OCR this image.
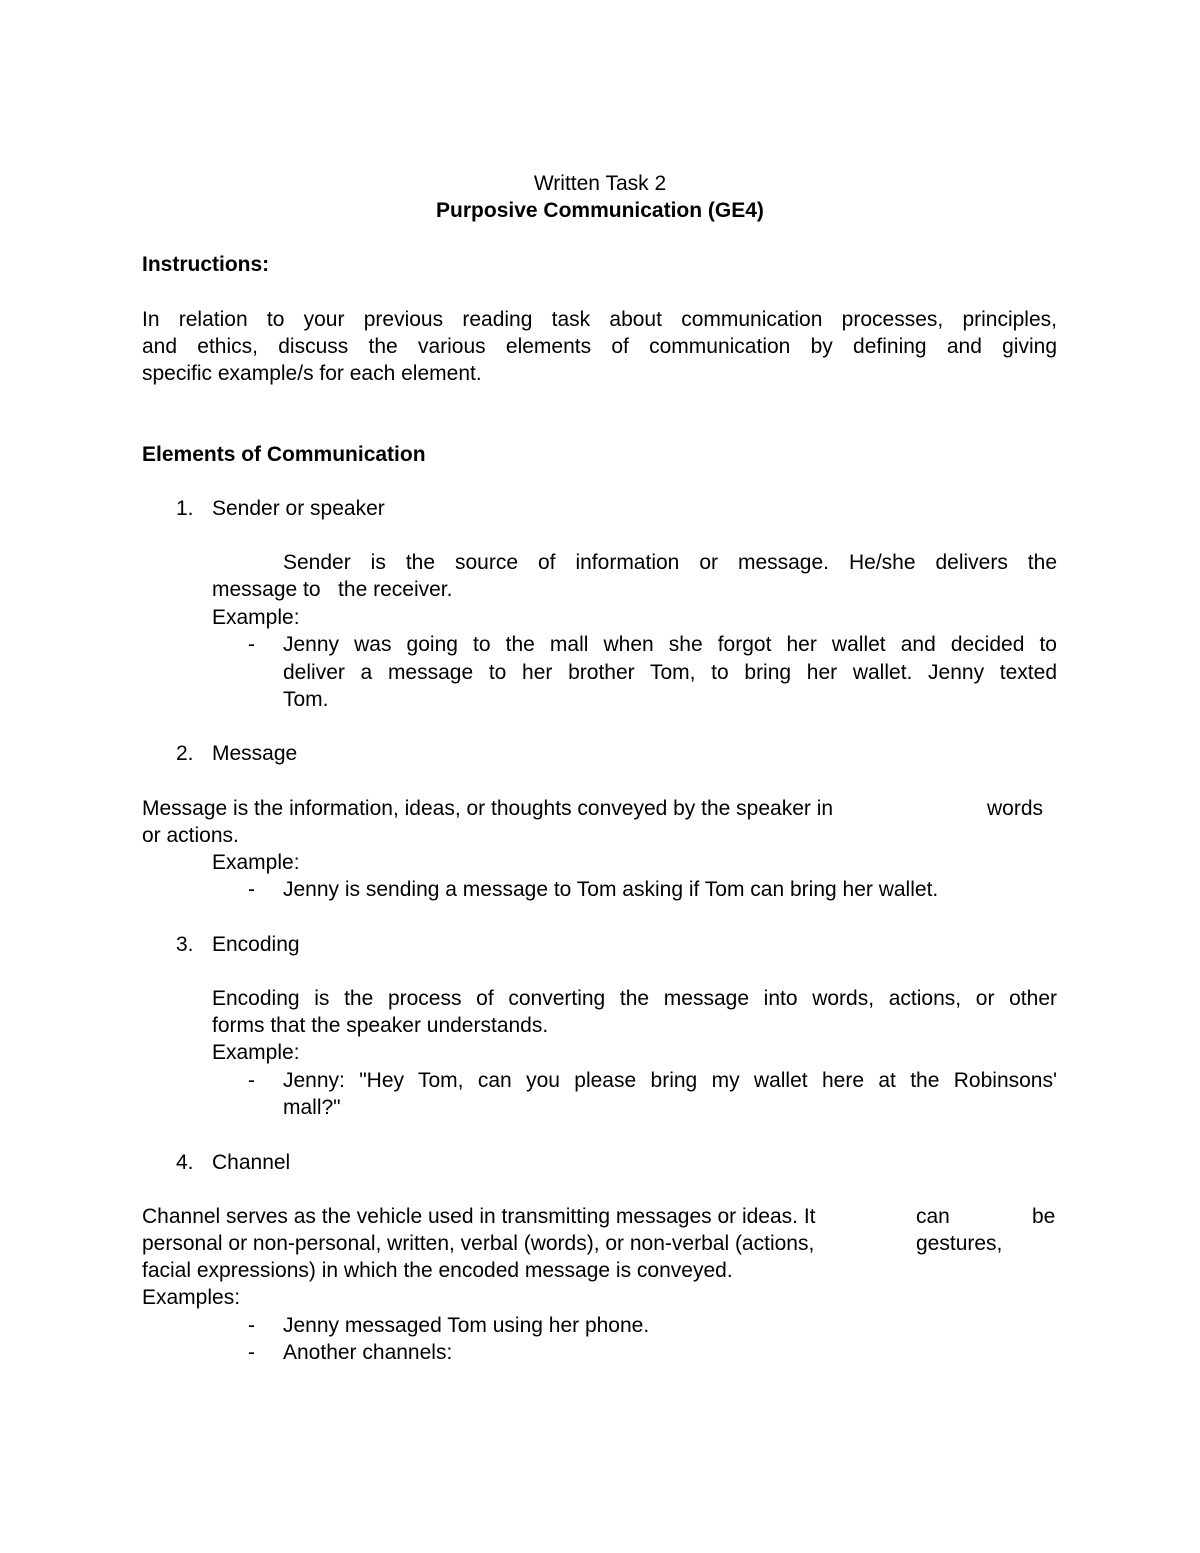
Written Task 2
Purposive Communication (GE4)
Instructions:
In relation to your previous reading task about communication processes, principles,
and ethics, discuss the various elements of communication by defining and giving
specific example/s for each element.
Elements of Communication
1. Sender or speaker
Sender is the source of information or message. He/she delivers the
message to   the receiver.
Example:
- Jenny was going to the mall when she forgot her wallet and decided to
deliver a message to her brother Tom, to bring her wallet. Jenny texted
Tom.
2. Message
Message is the information, ideas, or thoughts conveyed by the speaker in	words
or actions.
Example:
- Jenny is sending a message to Tom asking if Tom can bring her wallet.
3. Encoding
Encoding is the process of converting the message into words, actions, or other
forms that the speaker understands.
Example:
- Jenny: "Hey Tom, can you please bring my wallet here at the Robinsons'
mall?"
4. Channel
Channel serves as the vehicle used in transmitting messages or ideas. It	can	be
personal or non-personal, written, verbal (words), or non-verbal (actions,	gestures,
facial expressions) in which the encoded message is conveyed.
Examples:
- Jenny messaged Tom using her phone.
- Another channels:
